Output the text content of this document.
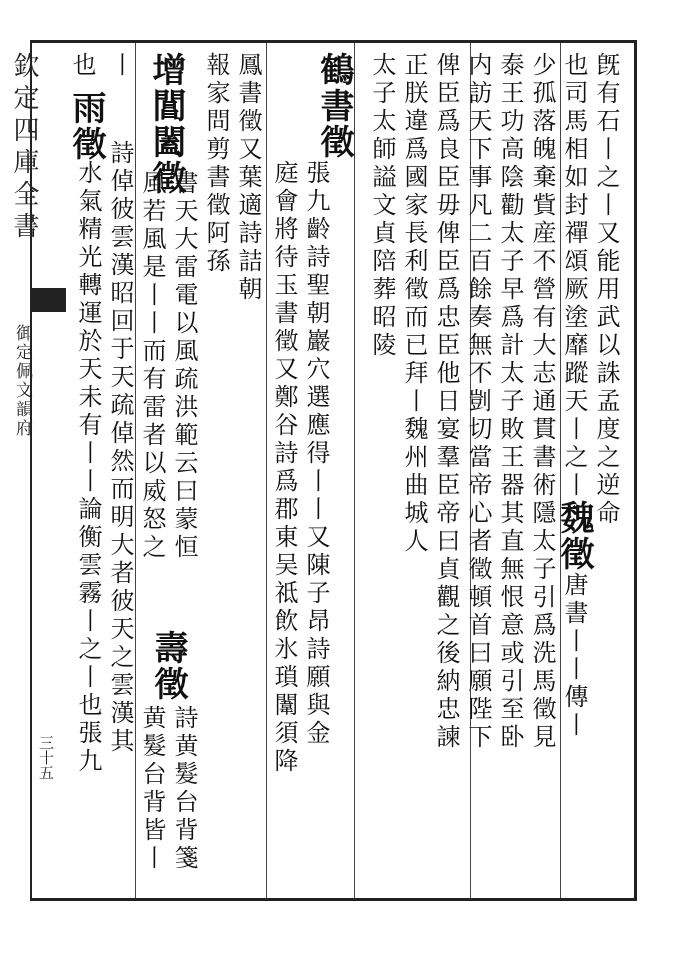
欽定四庫全書
御定佩文韻府
三十五
旣有石丨之丨又能用武以誅孟度之逆命
也司馬相如封禪頌厥塗靡蹤天丨之丨魏徵唐書丨丨傳丨
少孤落魄棄貲産不營有大志通貫書術隱太子引爲洗馬徵見
泰王功高陰勸太子早爲計太子敗王器其直無恨意或引至卧
内訪天下事凡二百餘奏無不剴切當帝心者徵頓首曰願陛下
俾臣爲良臣毋俾臣爲忠臣他日宴羣臣帝曰貞觀之後納忠諫
正朕違爲國家長利徵而已拜丨魏州曲城人
太子太師謚文貞陪葬昭陵
鶴書徵
張九齡詩聖朝巖穴選應得丨丨又陳子昂詩願與金
庭會將待玉書徵又鄭谷詩爲郡東吴祗飲氷瑣闈須降
鳳書徵又葉適詩詰朝
報家問剪書徵阿孫
增閶闔徵
書天大雷電以風疏洪範云曰蒙恒
風若風是丨丨而有雷者以威怒之
壽徵
詩黄髮台背箋
黄髮台背皆丨
丨
詩倬彼雲漢昭回于天疏倬然而明大者彼天之雲漢其
雨徵
也
水氣精光轉運於天未有丨丨論衡雲霧丨之丨也張九
